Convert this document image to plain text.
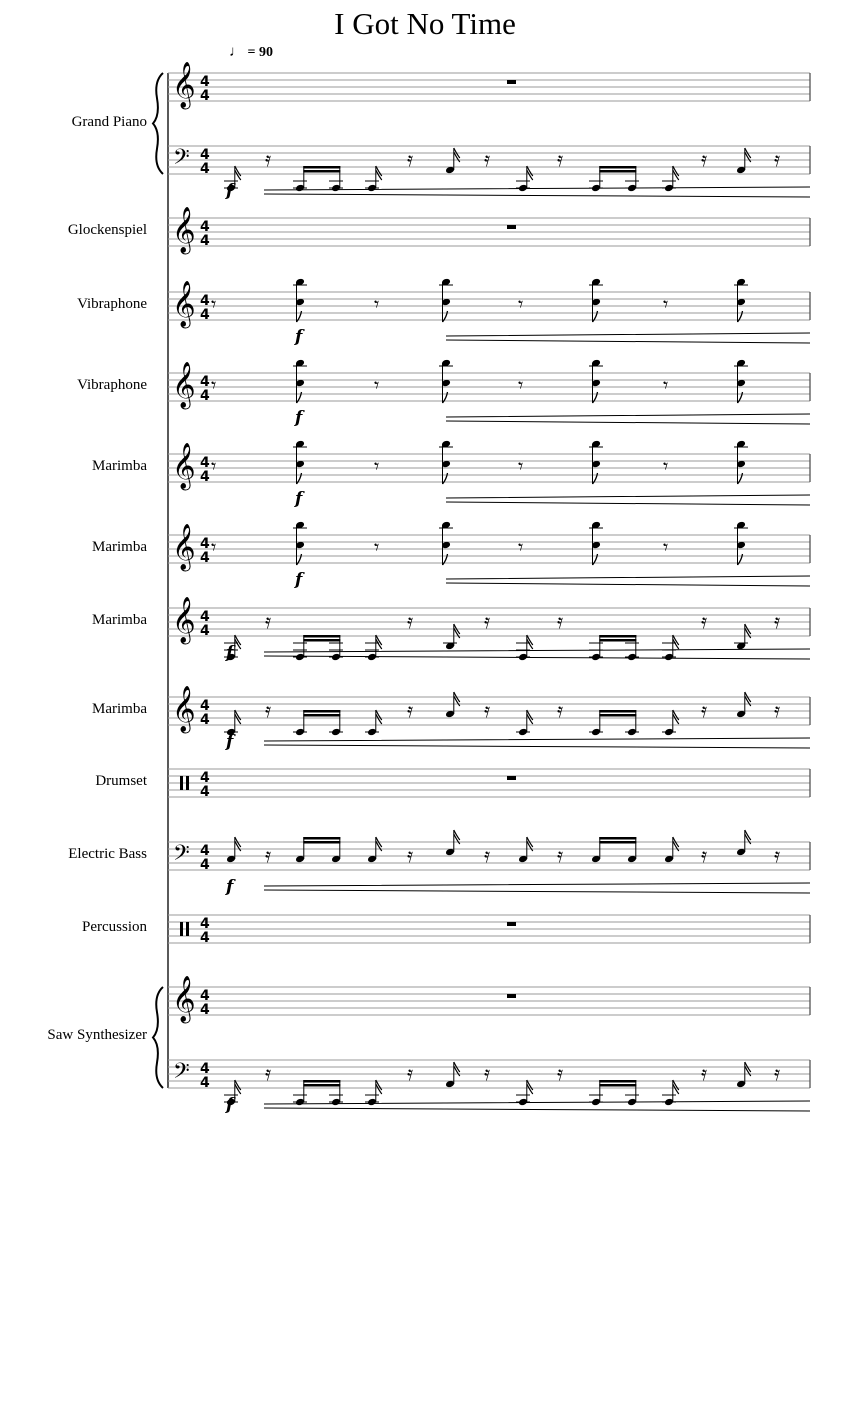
I Got No Time
♩ = 90
Grand Piano
Glockenspiel
Vibraphone
Vibraphone
Marimba
Marimba
Marimba
Marimba
Drumset
Electric Bass
Percussion
Saw Synthesizer
𝄞 4
4
𝄢 4
4	𝄿	𝄿	𝄿	𝄿	𝄿	𝄿
f
𝄞 4
4
𝄞 4
4 𝄾	𝄾	𝄾	𝄾
f
𝄞 4
4 𝄾	𝄾	𝄾	𝄾
f
𝄞 4
4 𝄾	𝄾	𝄾	𝄾
f
𝄞 4
4 𝄾	𝄾	𝄾	𝄾
f
𝄞 4
4	𝄿	𝄿	𝄿	𝄿	𝄿	𝄿
f
𝄞 4
4	𝄿	𝄿	𝄿	𝄿	𝄿	𝄿
f
4
4
𝄢 4
4	𝄿	𝄿	𝄿	𝄿	𝄿	𝄿
f
4
4
𝄞 4
4
𝄢 4
4	𝄿	𝄿	𝄿	𝄿	𝄿	𝄿
f
